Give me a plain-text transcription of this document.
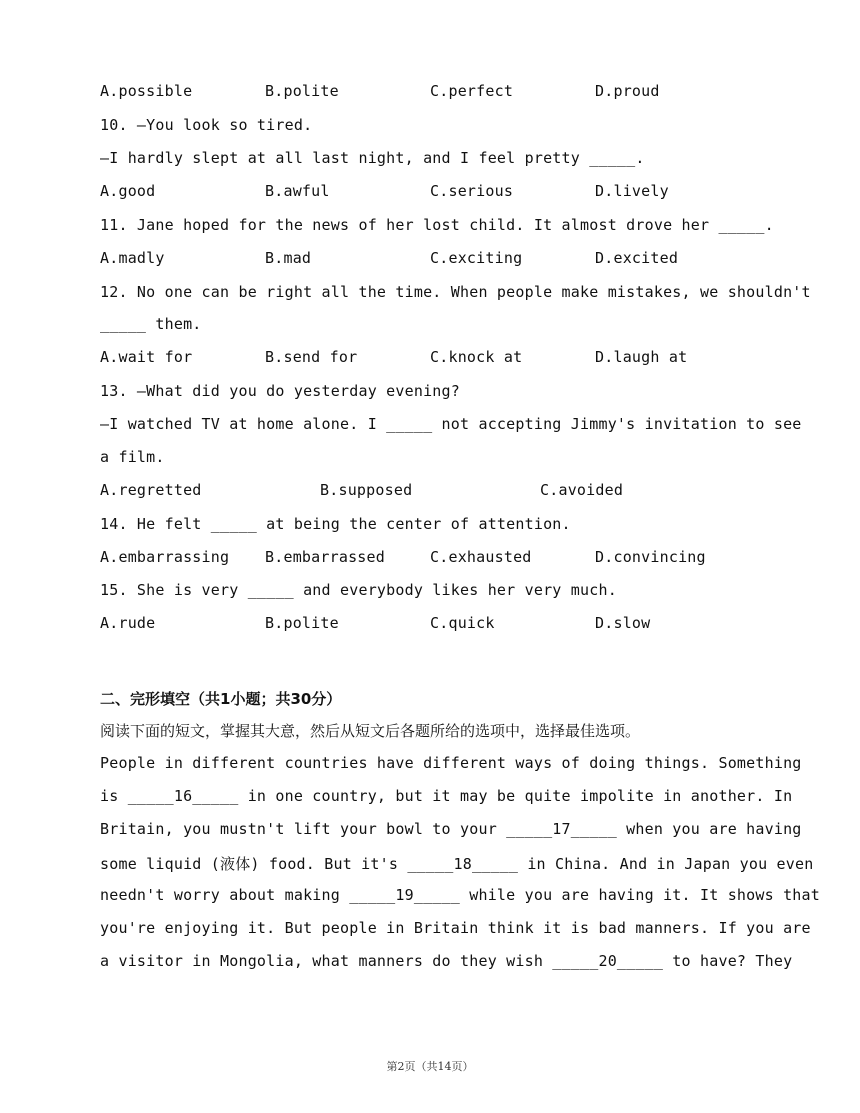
A.possible	B.polite	C.perfect	D.proud
10. —You look so tired.
—I hardly slept at all last night, and I feel pretty _____.
A.good	B.awful	C.serious	D.lively
11. Jane hoped for the news of her lost child. It almost drove her _____.
A.madly	B.mad	C.exciting	D.excited
12. No one can be right all the time. When people make mistakes, we shouldn't
_____ them.
A.wait for	B.send for	C.knock at	D.laugh at
13. —What did you do yesterday evening?
—I watched TV at home alone. I _____ not accepting Jimmy's invitation to see
a film.
A.regretted	B.supposed	C.avoided
14. He felt _____ at being the center of attention.
A.embarrassing	B.embarrassed	C.exhausted	D.convincing
15. She is very _____ and everybody likes her very much.
A.rude	B.polite	C.quick	D.slow
二、完形填空（共1小题；共30分）
阅读下面的短文，掌握其大意，然后从短文后各题所给的选项中，选择最佳选项。
People in different countries have different ways of doing things. Something
is _____16_____ in one country, but it may be quite impolite in another. In
Britain, you mustn't lift your bowl to your _____17_____ when you are having
some liquid (液体) food. But it's _____18_____ in China. And in Japan you even
needn't worry about making _____19_____ while you are having it. It shows that
you're enjoying it. But people in Britain think it is bad manners. If you are
a visitor in Mongolia, what manners do they wish _____20_____ to have? They
第2页（共14页）
